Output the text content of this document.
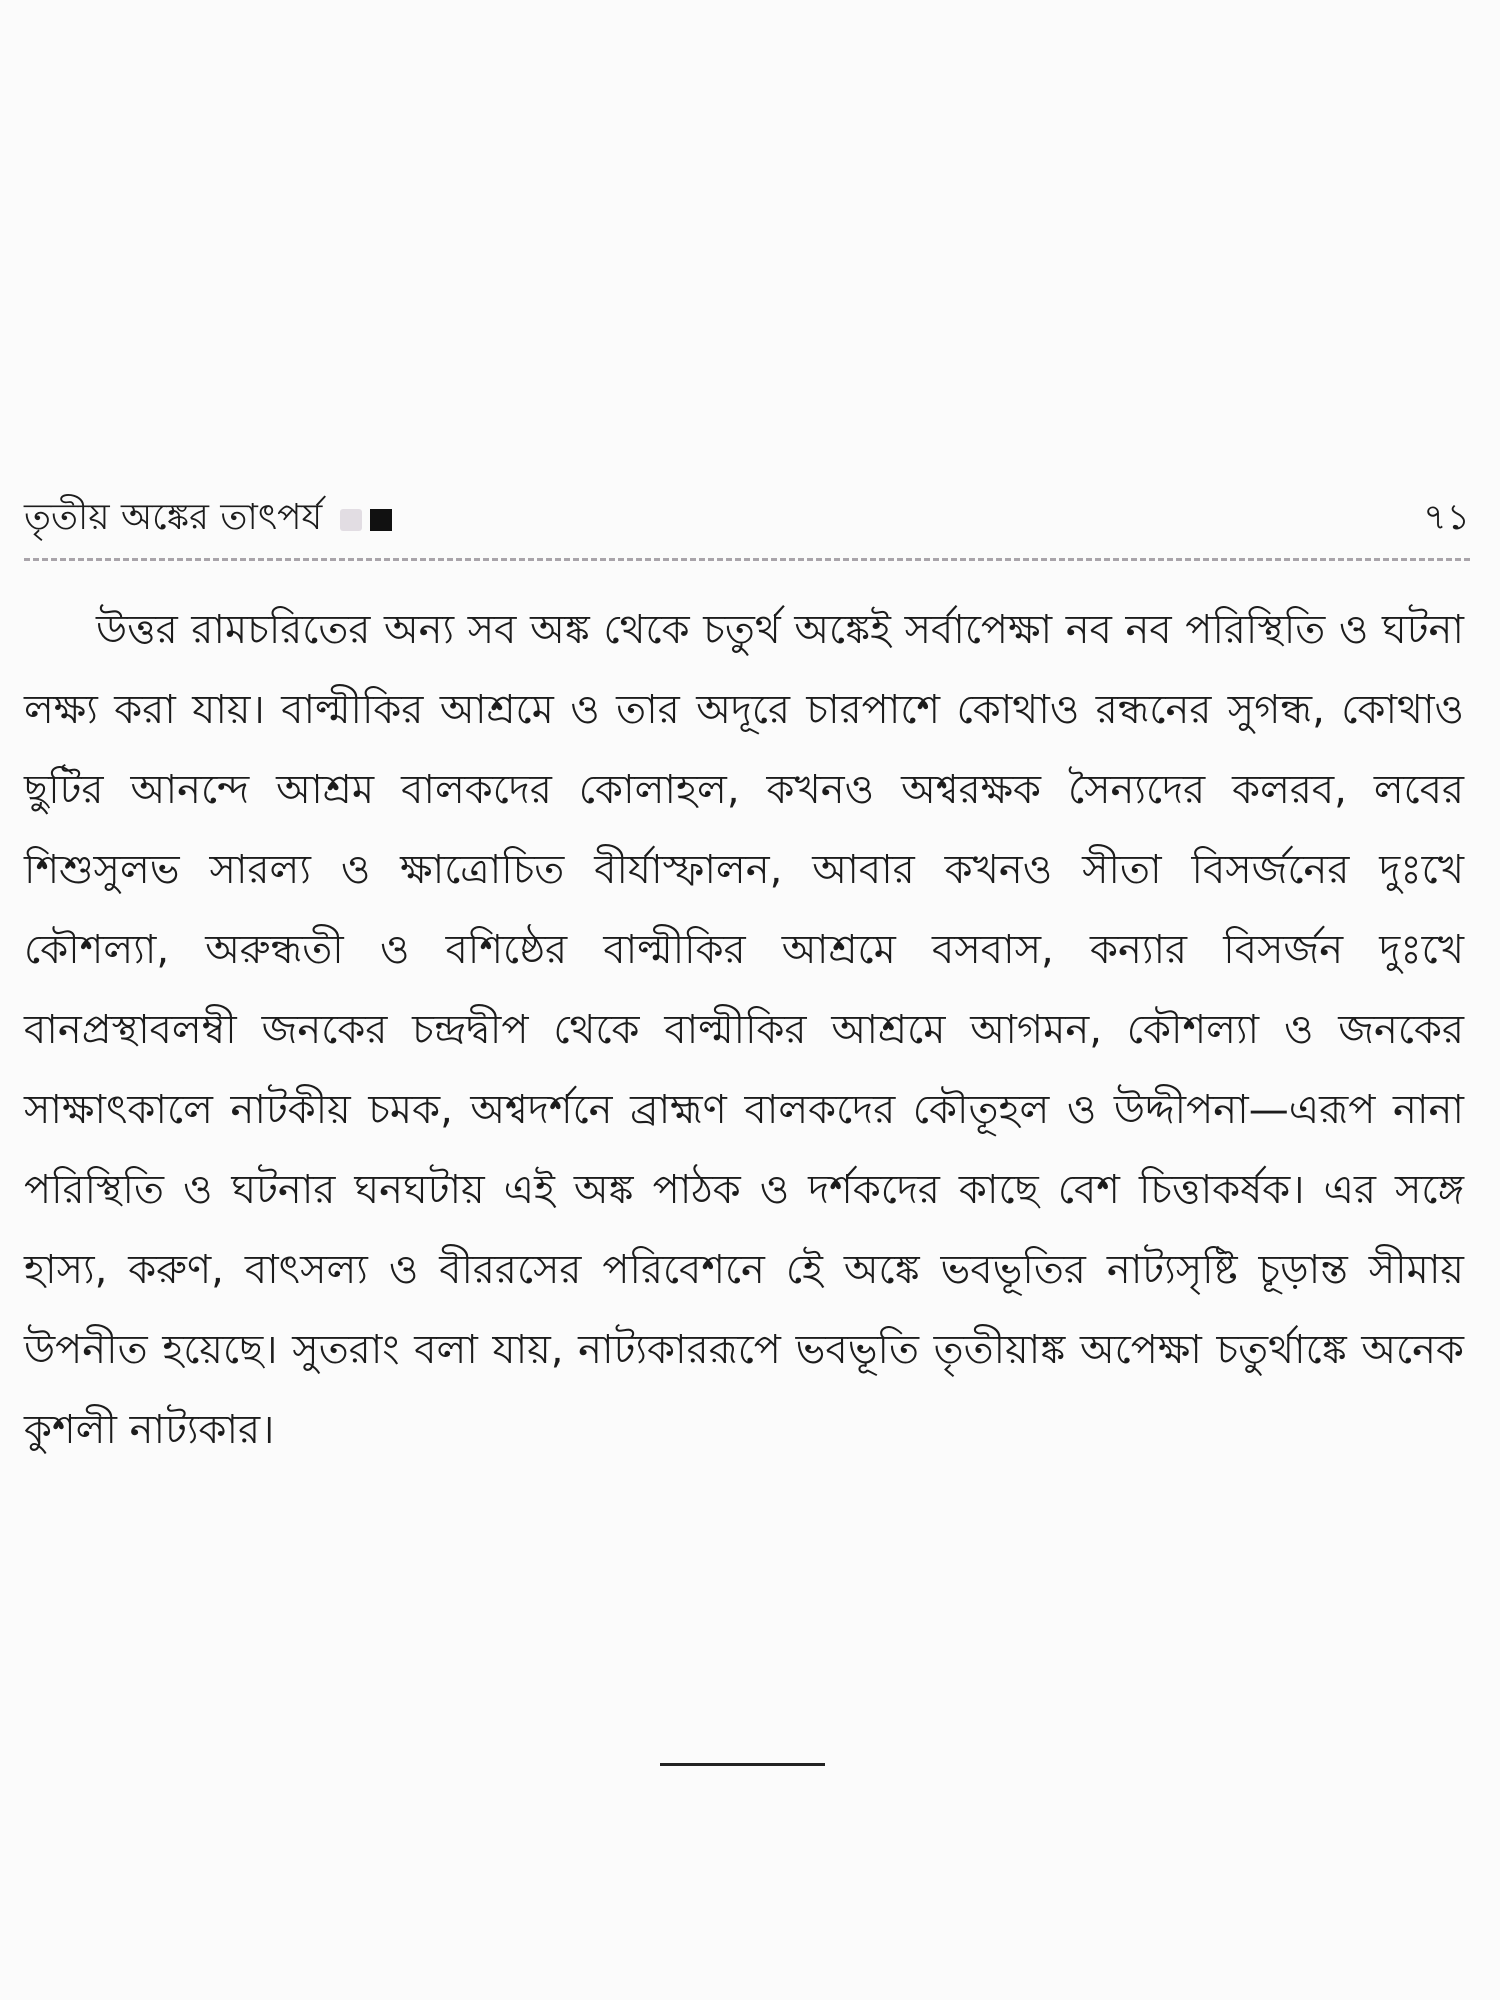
তৃতীয় অঙ্কের তাৎপর্য	৭১

উত্তর রামচরিতের অন্য সব অঙ্ক থেকে চতুর্থ অঙ্কেই সর্বাপেক্ষা নব নব পরিস্থিতি ও ঘটনা লক্ষ্য করা যায়। বাল্মীকির আশ্রমে ও তার অদূরে চারপাশে কোথাও রন্ধনের সুগন্ধ, কোথাও ছুটির আনন্দে আশ্রম বালকদের কোলাহল, কখনও অশ্বরক্ষক সৈন্যদের কলরব, লবের শিশুসুলভ সারল্য ও ক্ষাত্রোচিত বীর্যাস্ফালন, আবার কখনও সীতা বিসর্জনের দুঃখে কৌশল্যা, অরুন্ধতী ও বশিষ্ঠের বাল্মীকির আশ্রমে বসবাস, কন্যার বিসর্জন দুঃখে বানপ্রস্থাবলম্বী জনকের চন্দ্রদ্বীপ থেকে বাল্মীকির আশ্রমে আগমন, কৌশল্যা ও জনকের সাক্ষাৎকালে নাটকীয় চমক, অশ্বদর্শনে ব্রাহ্মণ বালকদের কৌতূহল ও উদ্দীপনা—এরূপ নানা পরিস্থিতি ও ঘটনার ঘনঘটায় এই অঙ্ক পাঠক ও দর্শকদের কাছে বেশ চিত্তাকর্ষক। এর সঙ্গে হাস্য, করুণ, বাৎসল্য ও বীররসের পরিবেশনে ইে অঙ্কে ভবভূতির নাট্যসৃষ্টি চূড়ান্ত সীমায় উপনীত হয়েছে। সুতরাং বলা যায়, নাট্যকাররূপে ভবভূতি তৃতীয়াঙ্ক অপেক্ষা চতুর্থাঙ্কে অনেক কুশলী নাট্যকার।
